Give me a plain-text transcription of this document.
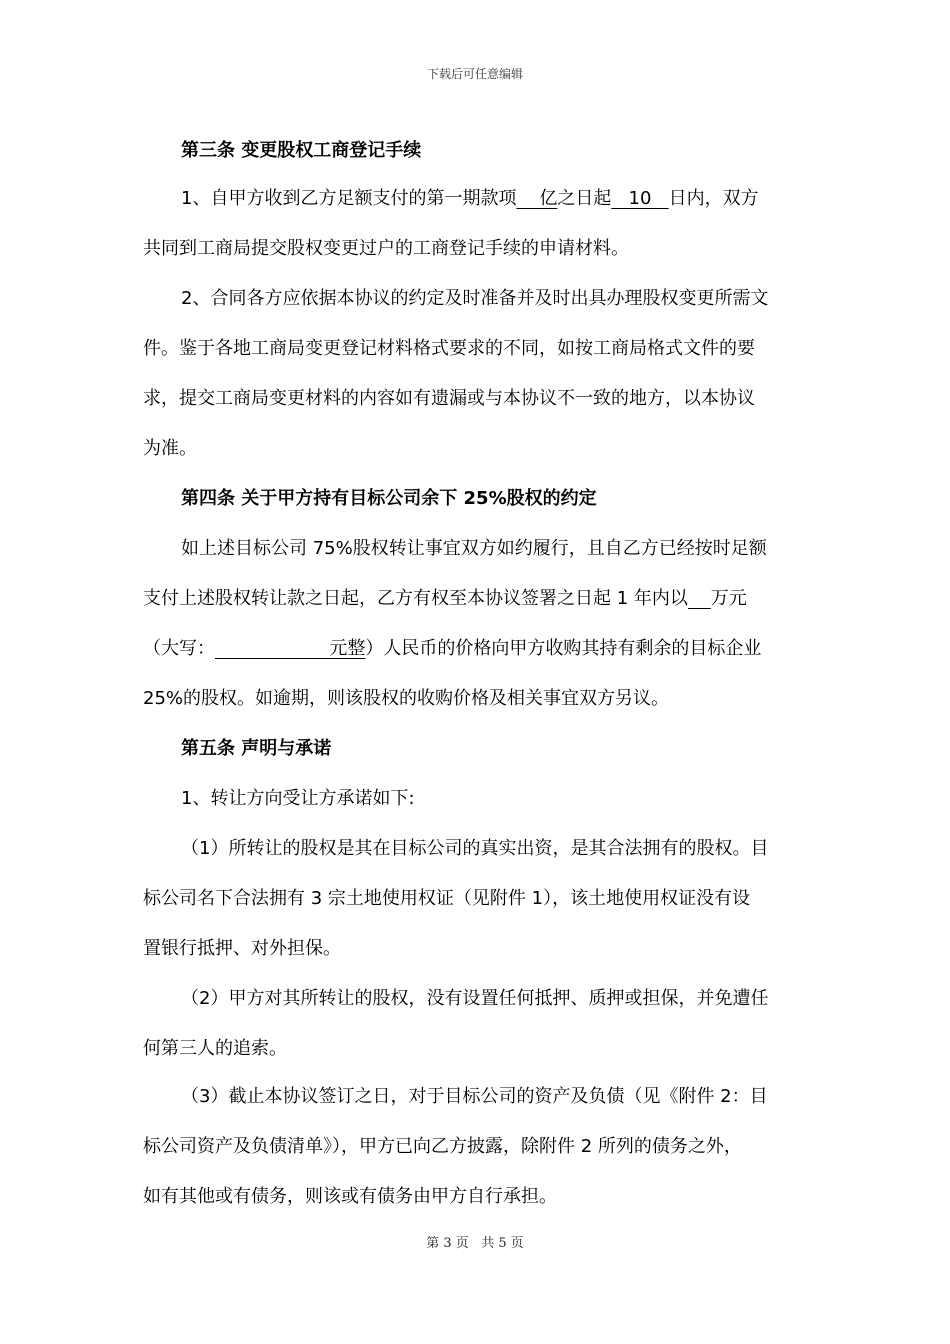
下载后可任意编辑
第三条 变更股权工商登记手续
1、自甲方收到乙方足额支付的第一期款项    亿之日起   10   日内，双方
共同到工商局提交股权变更过户的工商登记手续的申请材料。
2、合同各方应依据本协议的约定及时准备并及时出具办理股权变更所需文
件。鉴于各地工商局变更登记材料格式要求的不同，如按工商局格式文件的要
求，提交工商局变更材料的内容如有遗漏或与本协议不一致的地方，以本协议
为准。
第四条 关于甲方持有目标公司余下 25%股权的约定
如上述目标公司 75%股权转让事宜双方如约履行，且自乙方已经按时足额
支付上述股权转让款之日起，乙方有权至本协议签署之日起 1 年内以 万元
（大写：                    元整）人民币的价格向甲方收购其持有剩余的目标企业
25%的股权。如逾期，则该股权的收购价格及相关事宜双方另议。
第五条 声明与承诺
1、转让方向受让方承诺如下:
（1）所转让的股权是其在目标公司的真实出资，是其合法拥有的股权。目
标公司名下合法拥有 3 宗土地使用权证（见附件 1），该土地使用权证没有设
置银行抵押、对外担保。
（2）甲方对其所转让的股权，没有设置任何抵押、质押或担保，并免遭任
何第三人的追索。
（3）截止本协议签订之日，对于目标公司的资产及负债（见《附件 2：目
标公司资产及负债清单》），甲方已向乙方披露，除附件 2 所列的债务之外，
如有其他或有债务，则该或有债务由甲方自行承担。
第 3 页   共 5 页
